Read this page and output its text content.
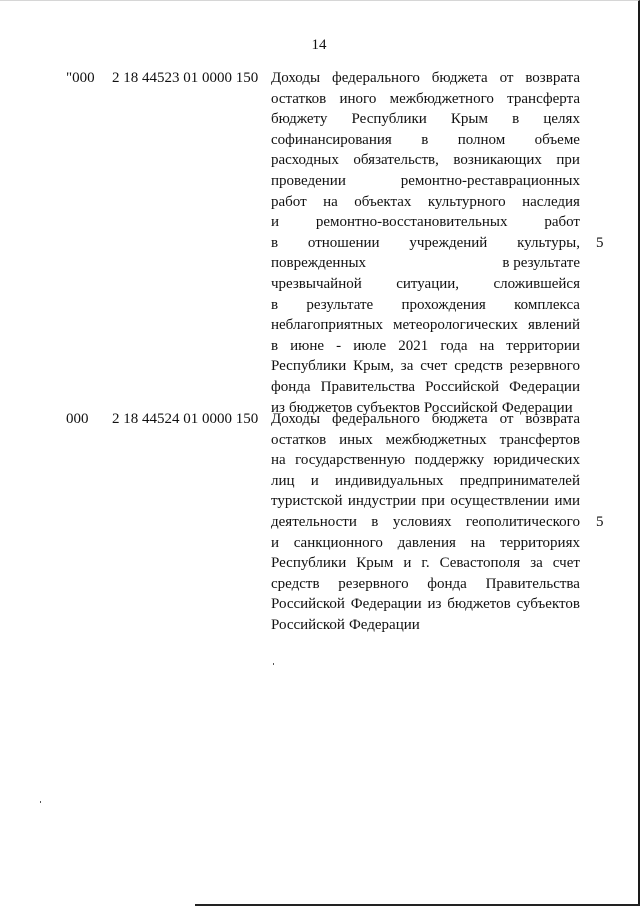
14
"000 2 18 44523 01 0000 150 Доходы федерального бюджета от возврата
остатков иного межбюджетного трансферта
бюджету Республики Крым в целях
софинансирования в полном объеме
расходных обязательств, возникающих при
проведении	ремонтно-реставрационных
работ на объектах культурного наследия
и ремонтно-восстановительных работ
в отношении учреждений культуры,
поврежденных	в результате
чрезвычайной ситуации, сложившейся
в результате прохождения комплекса
неблагоприятных метеорологических явлений
в июне - июле 2021 года на территории
Республики Крым, за счет средств резервного
фонда Правительства Российской Федерации
из бюджетов субъектов Российской Федерации
5
000 2 18 44524 01 0000 150 Доходы федерального бюджета от возврата
остатков иных межбюджетных трансфертов
на государственную поддержку юридических
лиц и индивидуальных предпринимателей
туристской индустрии при осуществлении ими
деятельности в условиях геополитического
и санкционного давления на территориях
Республики Крым и г. Севастополя за счет
средств резервного фонда Правительства
Российской Федерации из бюджетов субъектов
Российской Федерации
5
